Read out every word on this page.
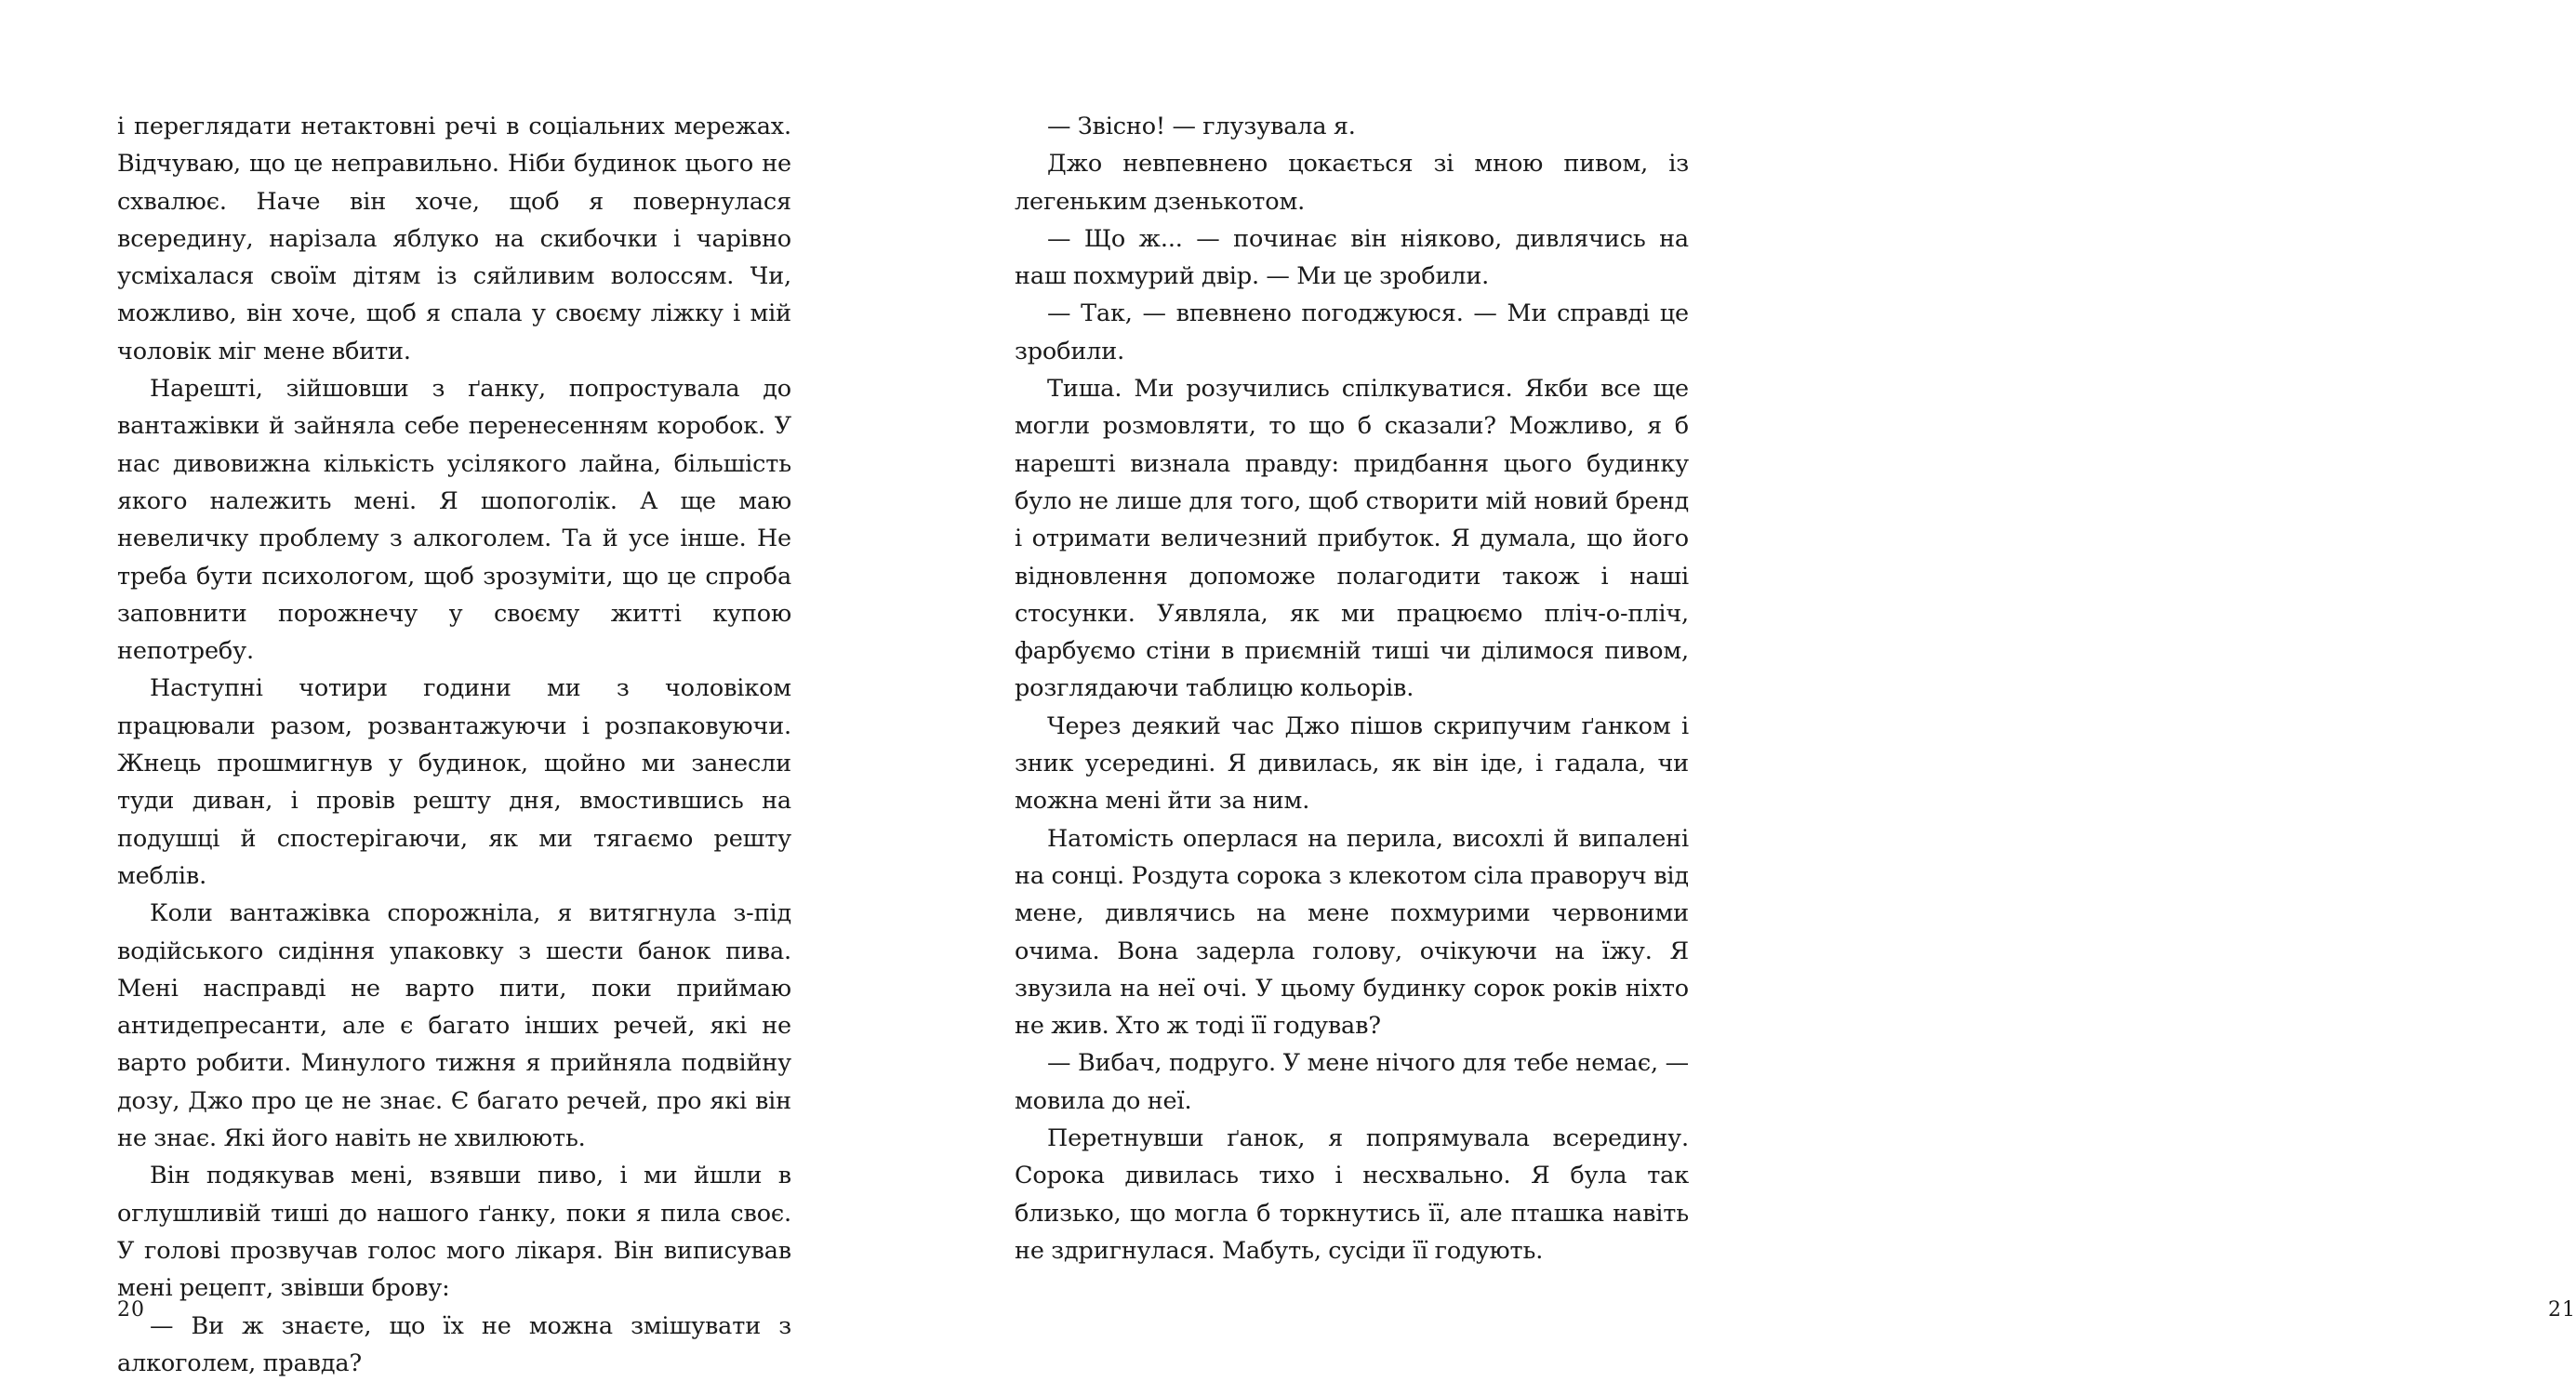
і переглядати нетактовні речі в соціальних мережах. Відчуваю, що це неправильно. Ніби будинок цього не схвалює. Наче він хоче, щоб я повернулася всередину, нарізала яблуко на скибочки і чарівно усміхалася своїм дітям із сяйливим волоссям. Чи, можливо, він хоче, щоб я спала у своєму ліжку і мій чоловік міг мене вбити.

Нарешті, зійшовши з ґанку, попростувала до вантажівки й зайняла себе перенесенням коробок. У нас дивовижна кількість усілякого лайна, більшість якого належить мені. Я шопоголік. А ще маю невеличку проблему з алкоголем. Та й усе інше. Не треба бути психологом, щоб зрозуміти, що це спроба заповнити порожнечу у своєму житті купою непотребу.

Наступні чотири години ми з чоловіком працювали разом, розвантажуючи і розпаковуючи. Жнець прошмигнув у будинок, щойно ми занесли туди диван, і провів решту дня, вмостившись на подушці й спостерігаючи, як ми тягаємо решту меблів.

Коли вантажівка спорожніла, я витягнула з-під водійського сидіння упаковку з шести банок пива. Мені насправді не варто пити, поки приймаю антидепресанти, але є багато інших речей, які не варто робити. Минулого тижня я прийняла подвійну дозу, Джо про це не знає. Є багато речей, про які він не знає. Які його навіть не хвилюють.

Він подякував мені, взявши пиво, і ми йшли в оглушливій тиші до нашого ґанку, поки я пила своє. У голові прозвучав голос мого лікаря. Він виписував мені рецепт, звівши брову:

— Ви ж знаєте, що їх не можна змішувати з алкоголем, правда?

20

— Звісно! — глузувала я.

Джо невпевнено цокається зі мною пивом, із легеньким дзенькотом.

— Що ж... — починає він ніяково, дивлячись на наш похмурий двір. — Ми це зробили.

— Так, — впевнено погоджуюся. — Ми справді це зробили.

Тиша. Ми розучились спілкуватися. Якби все ще могли розмовляти, то що б сказали? Можливо, я б нарешті визнала правду: придбання цього будинку було не лише для того, щоб створити мій новий бренд і отримати величезний прибуток. Я думала, що його відновлення допоможе полагодити також і наші стосунки. Уявляла, як ми працюємо пліч-о-пліч, фарбуємо стіни в приємній тиші чи ділимося пивом, розглядаючи таблицю кольорів.

Через деякий час Джо пішов скрипучим ґанком і зник усередині. Я дивилась, як він іде, і гадала, чи можна мені йти за ним.

Натомість оперлася на перила, висохлі й випалені на сонці. Роздута сорока з клекотом сіла праворуч від мене, дивлячись на мене похмурими червоними очима. Вона задерла голову, очікуючи на їжу. Я звузила на неї очі. У цьому будинку сорок років ніхто не жив. Хто ж тоді її годував?

— Вибач, подруго. У мене нічого для тебе немає, — мовила до неї.

Перетнувши ґанок, я попрямувала всередину. Сорока дивилась тихо і несхвально. Я була так близько, що могла б торкнутись її, але пташка навіть не здригнулася. Мабуть, сусіди її годують.

21
